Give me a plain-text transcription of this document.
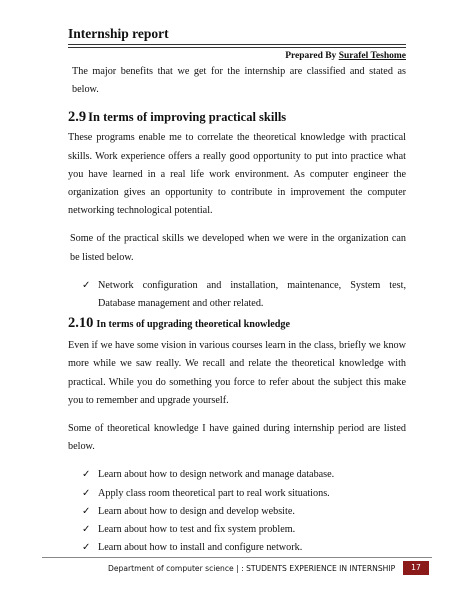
Internship report
Prepared By Surafel Teshome

The major benefits that we get for the internship are classified and stated as below.

2.9 In terms of improving practical skills

These programs enable me to correlate the theoretical knowledge with practical skills. Work experience offers a really good opportunity to put into practice what you have learned in a real life work environment. As computer engineer the organization gives an opportunity to contribute in improvement the computer networking technological potential.

Some of the practical skills we developed when we were in the organization can be listed below.

✓ Network configuration and installation, maintenance, System test, Database management and other related.
2.10 In terms of upgrading theoretical knowledge

Even if we have some vision in various courses learn in the class, briefly we know more while we saw really. We recall and relate the theoretical knowledge with practical. While you do something you force to refer about the subject this make you to remember and upgrade yourself.

Some of theoretical knowledge I have gained during internship period are listed below.

✓ Learn about how to design network and manage database.
✓ Apply class room theoretical part to real work situations.
✓ Learn about how to design and develop website.
✓ Learn about how to test and fix system problem.
✓ Learn about how to install and configure network.
Department of computer science | : STUDENTS EXPERIENCE IN INTERNSHIP	17
